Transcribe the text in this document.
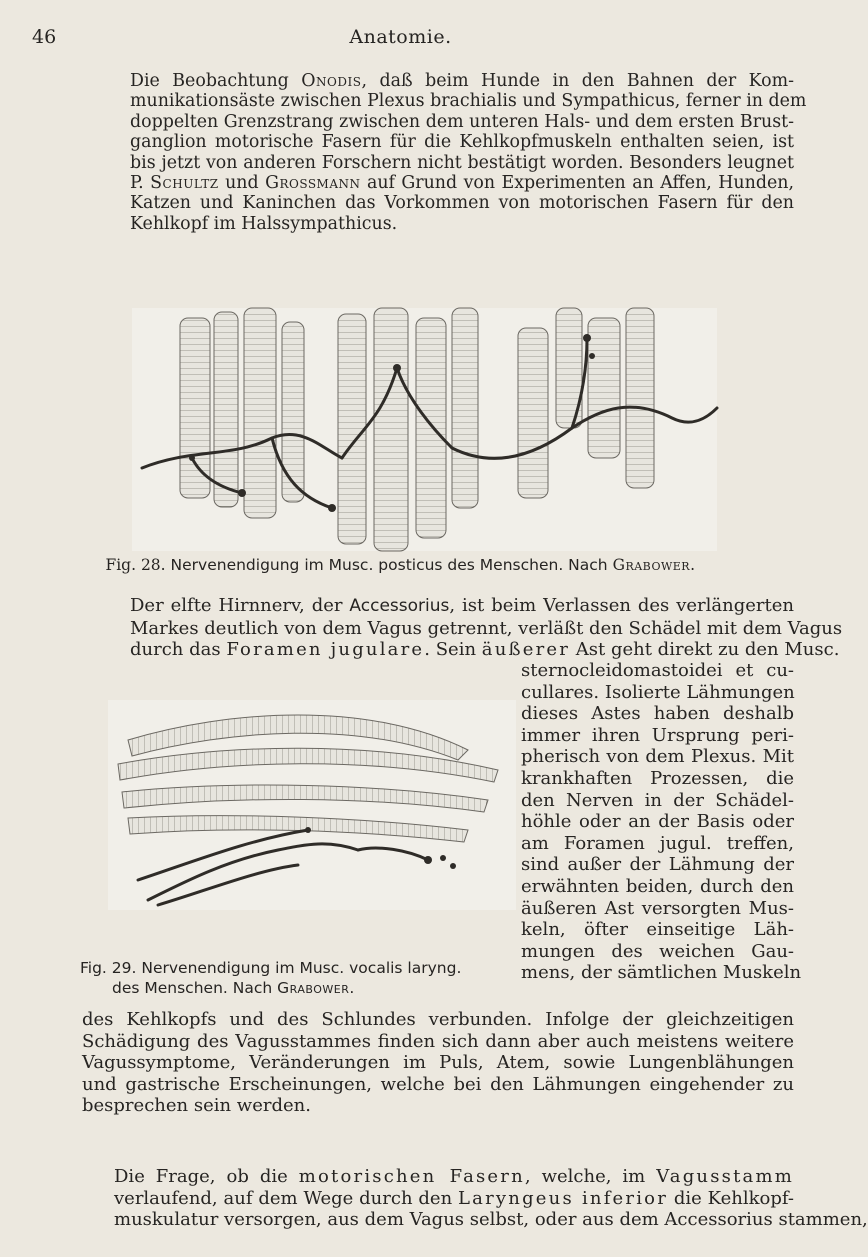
46	Anatomie.
Die Beobachtung Onodis, daß beim Hunde in den Bahnen der Kom-
munikationsäste zwischen Plexus brachialis und Sympathicus, ferner in dem
doppelten Grenzstrang zwischen dem unteren Hals- und dem ersten Brust-
ganglion motorische Fasern für die Kehlkopfmuskeln enthalten seien, ist
bis jetzt von anderen Forschern nicht bestätigt worden. Besonders leugnet
P. Schultz und Grossmann auf Grund von Experimenten an Affen, Hunden,
Katzen und Kaninchen das Vorkommen von motorischen Fasern für den
Kehlkopf im Halssympathicus.
Fig. 28. Nervenendigung im Musc. posticus des Menschen. Nach Grabower.
Der elfte Hirnnerv, der Accessorius, ist beim Verlassen des verlängerten
Markes deutlich von dem Vagus getrennt, verläßt den Schädel mit dem Vagus
durch das Foramen jugulare. Sein äußerer Ast geht direkt zu den Musc.
Fig. 29. Nervenendigung im Musc. vocalis laryng.
des Menschen. Nach Grabower.
sternocleidomastoidei et cu-
cullares. Isolierte Lähmungen
dieses Astes haben deshalb
immer ihren Ursprung peri-
pherisch von dem Plexus. Mit
krankhaften Prozessen, die
den Nerven in der Schädel-
höhle oder an der Basis oder
am Foramen jugul. treffen,
sind außer der Lähmung der
erwähnten beiden, durch den
äußeren Ast versorgten Mus-
keln, öfter einseitige Läh-
mungen des weichen Gau-
mens, der sämtlichen Muskeln
des Kehlkopfs und des Schlundes verbunden. Infolge der gleichzeitigen
Schädigung des Vagusstammes finden sich dann aber auch meistens weitere
Vagussymptome, Veränderungen im Puls, Atem, sowie Lungenblähungen
und gastrische Erscheinungen, welche bei den Lähmungen eingehender zu
besprechen sein werden.
Die Frage, ob die motorischen Fasern, welche, im Vagusstamm
verlaufend, auf dem Wege durch den Laryngeus inferior die Kehlkopf-
muskulatur versorgen, aus dem Vagus selbst, oder aus dem Accessorius stammen,
